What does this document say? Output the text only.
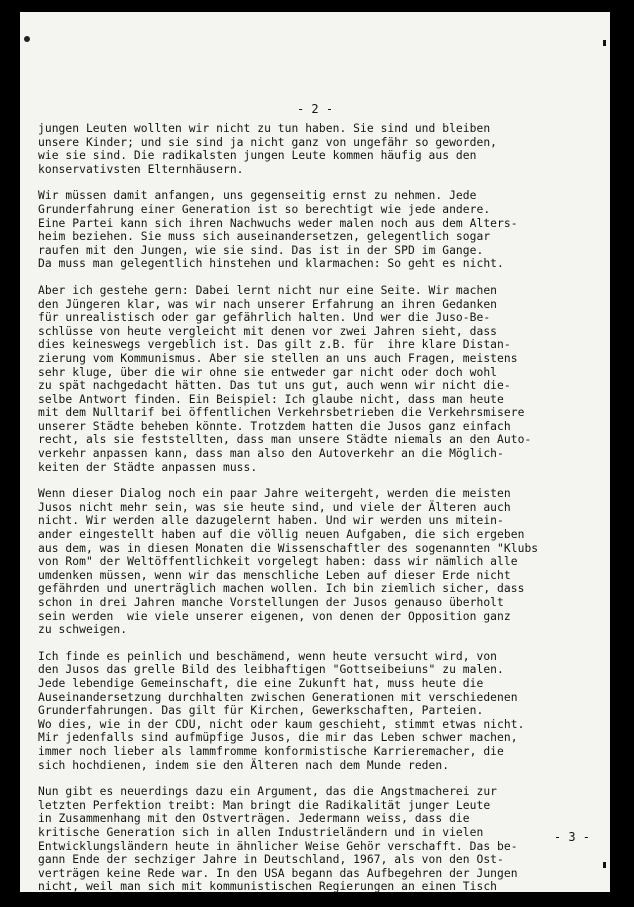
- 2 -
jungen Leuten wollten wir nicht zu tun haben. Sie sind und bleiben
unsere Kinder; und sie sind ja nicht ganz von ungefähr so geworden,
wie sie sind. Die radikalsten jungen Leute kommen häufig aus den
konservativsten Elternhäusern.
Wir müssen damit anfangen, uns gegenseitig ernst zu nehmen. Jede
Grunderfahrung einer Generation ist so berechtigt wie jede andere.
Eine Partei kann sich ihren Nachwuchs weder malen noch aus dem Alters-
heim beziehen. Sie muss sich auseinandersetzen, gelegentlich sogar
raufen mit den Jungen, wie sie sind. Das ist in der SPD im Gange.
Da muss man gelegentlich hinstehen und klarmachen: So geht es nicht.
Aber ich gestehe gern: Dabei lernt nicht nur eine Seite. Wir machen
den Jüngeren klar, was wir nach unserer Erfahrung an ihren Gedanken
für unrealistisch oder gar gefährlich halten. Und wer die Juso-Be-
schlüsse von heute vergleicht mit denen vor zwei Jahren sieht, dass
dies keineswegs vergeblich ist. Das gilt z.B. für  ihre klare Distan-
zierung vom Kommunismus. Aber sie stellen an uns auch Fragen, meistens
sehr kluge, über die wir ohne sie entweder gar nicht oder doch wohl
zu spät nachgedacht hätten. Das tut uns gut, auch wenn wir nicht die-
selbe Antwort finden. Ein Beispiel: Ich glaube nicht, dass man heute
mit dem Nulltarif bei öffentlichen Verkehrsbetrieben die Verkehrsmisere
unserer Städte beheben könnte. Trotzdem hatten die Jusos ganz einfach
recht, als sie feststellten, dass man unsere Städte niemals an den Auto-
verkehr anpassen kann, dass man also den Autoverkehr an die Möglich-
keiten der Städte anpassen muss.
Wenn dieser Dialog noch ein paar Jahre weitergeht, werden die meisten
Jusos nicht mehr sein, was sie heute sind, und viele der Älteren auch
nicht. Wir werden alle dazugelernt haben. Und wir werden uns mitein-
ander eingestellt haben auf die völlig neuen Aufgaben, die sich ergeben
aus dem, was in diesen Monaten die Wissenschaftler des sogenannten "Klubs
von Rom" der Weltöffentlichkeit vorgelegt haben: dass wir nämlich alle
umdenken müssen, wenn wir das menschliche Leben auf dieser Erde nicht
gefährden und unerträglich machen wollen. Ich bin ziemlich sicher, dass
schon in drei Jahren manche Vorstellungen der Jusos genauso überholt
sein werden  wie viele unserer eigenen, von denen der Opposition ganz
zu schweigen.
Ich finde es peinlich und beschämend, wenn heute versucht wird, von
den Jusos das grelle Bild des leibhaftigen "Gottseibeiuns" zu malen.
Jede lebendige Gemeinschaft, die eine Zukunft hat, muss heute die
Auseinandersetzung durchhalten zwischen Generationen mit verschiedenen
Grunderfahrungen. Das gilt für Kirchen, Gewerkschaften, Parteien.
Wo dies, wie in der CDU, nicht oder kaum geschieht, stimmt etwas nicht.
Mir jedenfalls sind aufmüpfige Jusos, die mir das Leben schwer machen,
immer noch lieber als lammfromme konformistische Karrieremacher, die
sich hochdienen, indem sie den Älteren nach dem Munde reden.
Nun gibt es neuerdings dazu ein Argument, das die Angstmacherei zur
letzten Perfektion treibt: Man bringt die Radikalität junger Leute
in Zusammenhang mit den Ostverträgen. Jedermann weiss, dass die
kritische Generation sich in allen Industrieländern und in vielen
Entwicklungsländern heute in ähnlicher Weise Gehör verschafft. Das be-
gann Ende der sechziger Jahre in Deutschland, 1967, als von den Ost-
verträgen keine Rede war. In den USA begann das Aufbegehren der Jungen
nicht, weil man sich mit kommunistischen Regierungen an einen Tisch
- 3 -
